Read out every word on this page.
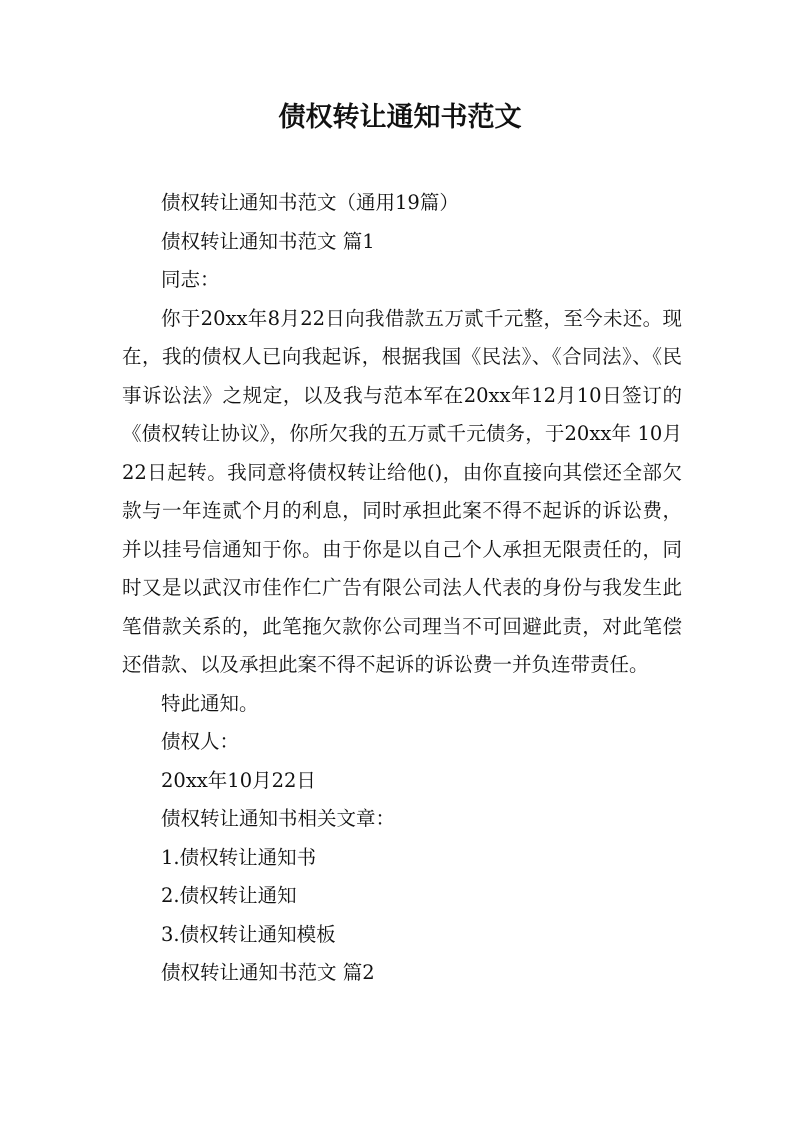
债权转让通知书范文

债权转让通知书范文（通用19篇）

债权转让通知书范文 篇1

同志：

你于20xx年8月22日向我借款五万贰千元整，至今未还。现在，我的债权人已向我起诉，根据我国《民法》、《合同法》、《民事诉讼法》之规定，以及我与范本军在20xx年12月10日签订的《债权转让协议》，你所欠我的五万贰千元债务，于20xx年 10月22日起转。我同意将债权转让给他()，由你直接向其偿还全部欠款与一年连贰个月的利息，同时承担此案不得不起诉的诉讼费，并以挂号信通知于你。由于你是以自己个人承担无限责任的，同时又是以武汉市佳作仁广告有限公司法人代表的身份与我发生此笔借款关系的，此笔拖欠款你公司理当不可回避此责，对此笔偿还借款、以及承担此案不得不起诉的诉讼费一并负连带责任。

特此通知。

债权人：

20xx年10月22日

债权转让通知书相关文章：

1.债权转让通知书

2.债权转让通知

3.债权转让通知模板

债权转让通知书范文 篇2
